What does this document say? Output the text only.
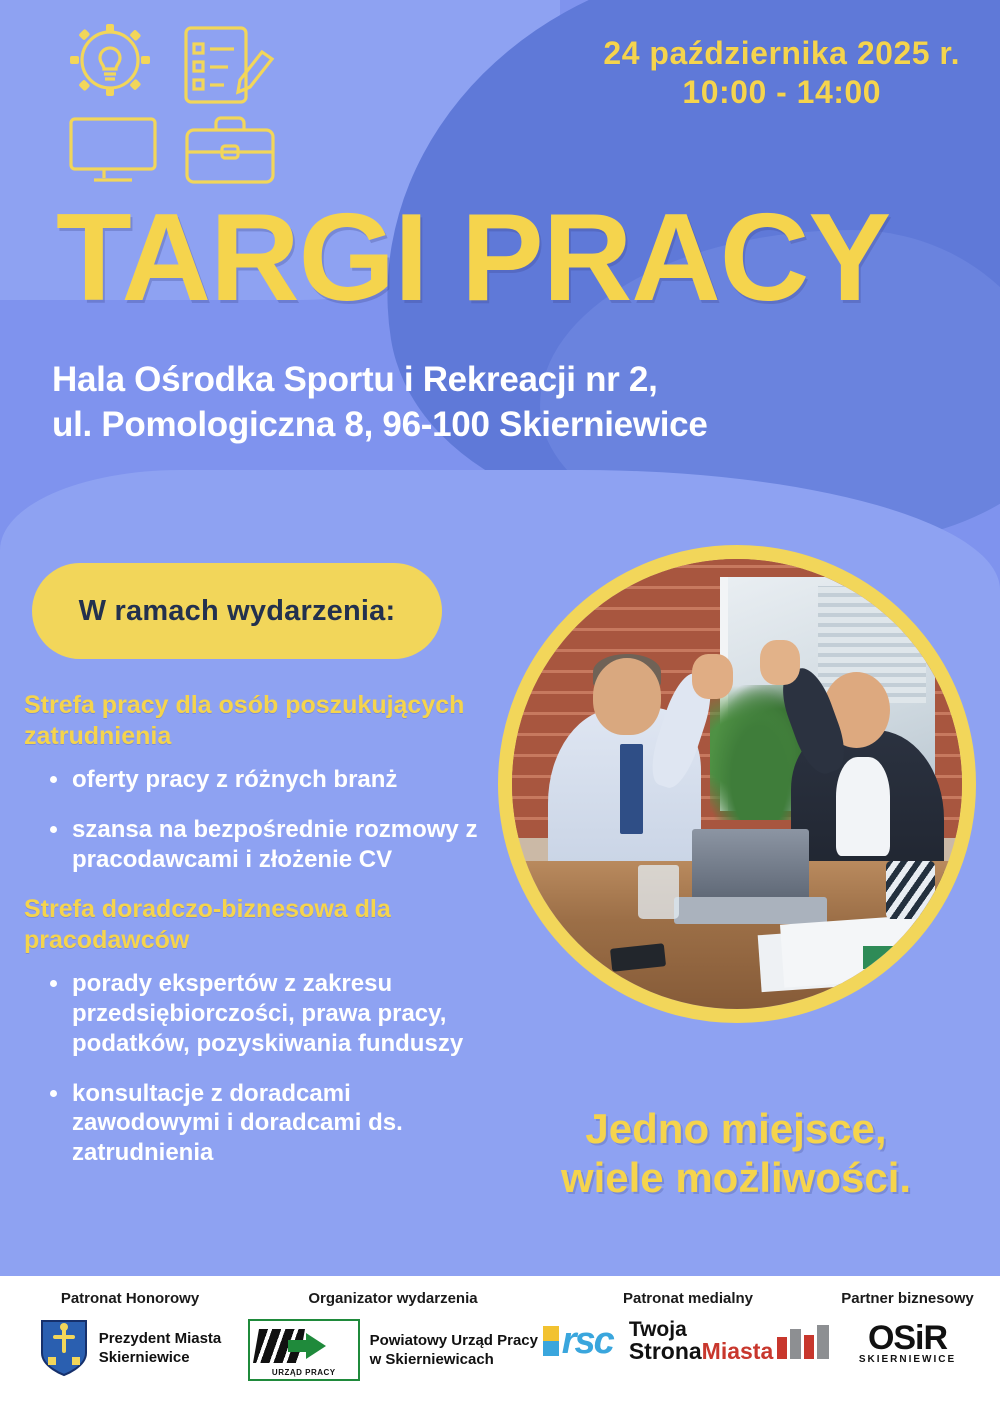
24 października 2025 r.
10:00 - 14:00
TARGI PRACY
Hala Ośrodka Sportu i Rekreacji nr 2,
ul. Pomologiczna 8, 96-100 Skierniewice
W ramach wydarzenia:
Strefa pracy dla osób poszukujących zatrudnienia
oferty pracy z różnych branż
szansa na bezpośrednie rozmowy z pracodawcami i złożenie CV
Strefa doradczo-biznesowa dla pracodawców
porady ekspertów z zakresu przedsiębiorczości, prawa pracy, podatków, pozyskiwania funduszy
konsultacje z doradcami zawodowymi i doradcami ds. zatrudnienia
Jedno miejsce,
wiele możliwości.
Patronat Honorowy
Prezydent Miasta
Skierniewice
Organizator wydarzenia
URZĄD PRACY
Powiatowy Urząd Pracy
w Skierniewicach
Patronat medialny
rsc Twoja
StronaMiasta
Partner biznesowy
OSiR
SKIERNIEWICE
